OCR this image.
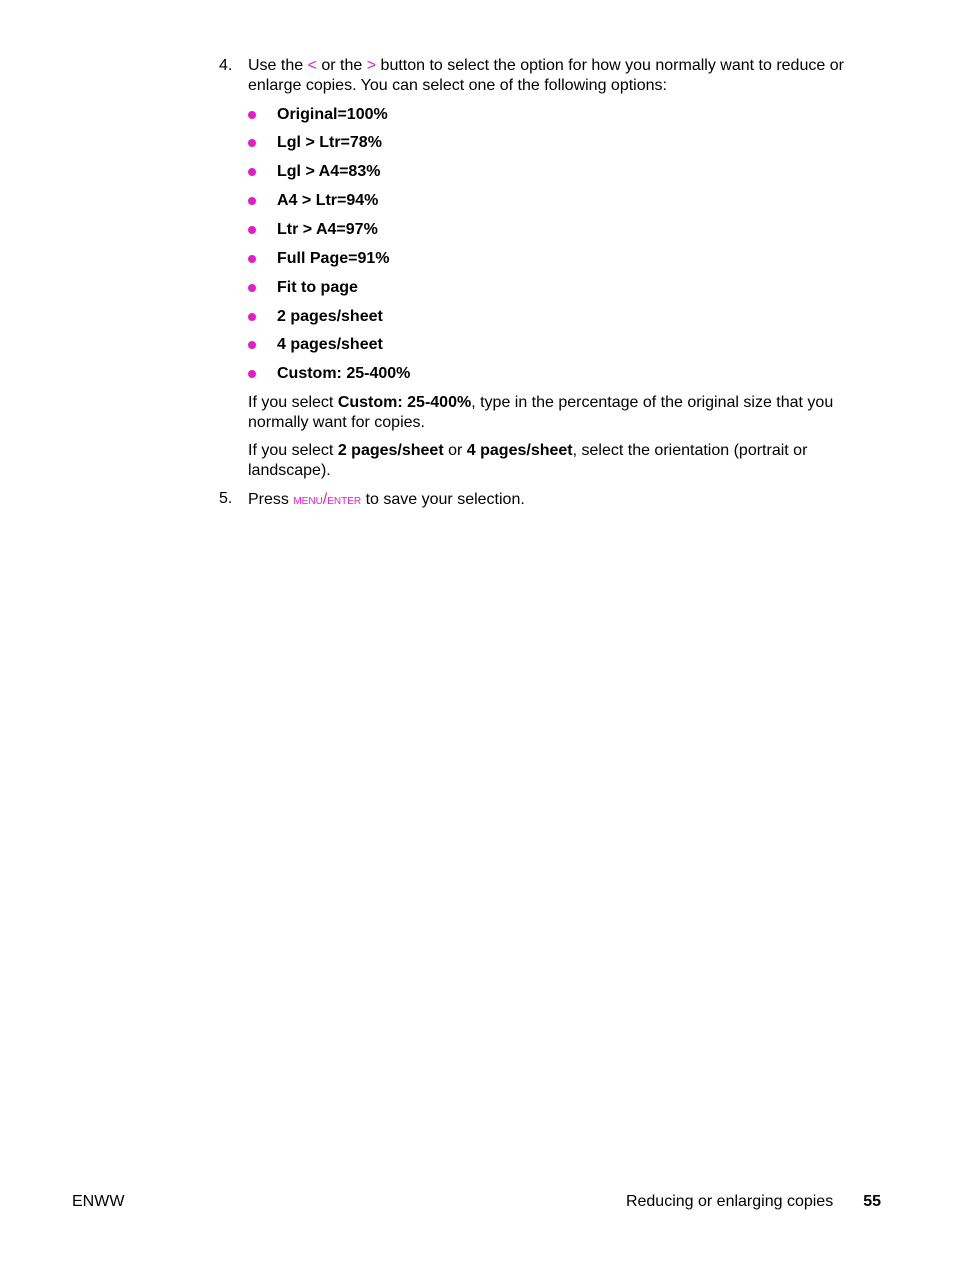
4. Use the < or the > button to select the option for how you normally want to reduce or enlarge copies. You can select one of the following options:
Original=100%
Lgl > Ltr=78%
Lgl > A4=83%
A4 > Ltr=94%
Ltr > A4=97%
Full Page=91%
Fit to page
2 pages/sheet
4 pages/sheet
Custom: 25-400%

If you select Custom: 25-400%, type in the percentage of the original size that you normally want for copies.

If you select 2 pages/sheet or 4 pages/sheet, select the orientation (portrait or landscape).

5. Press menu/enter to save your selection.
ENWW	Reducing or enlarging copies 55
